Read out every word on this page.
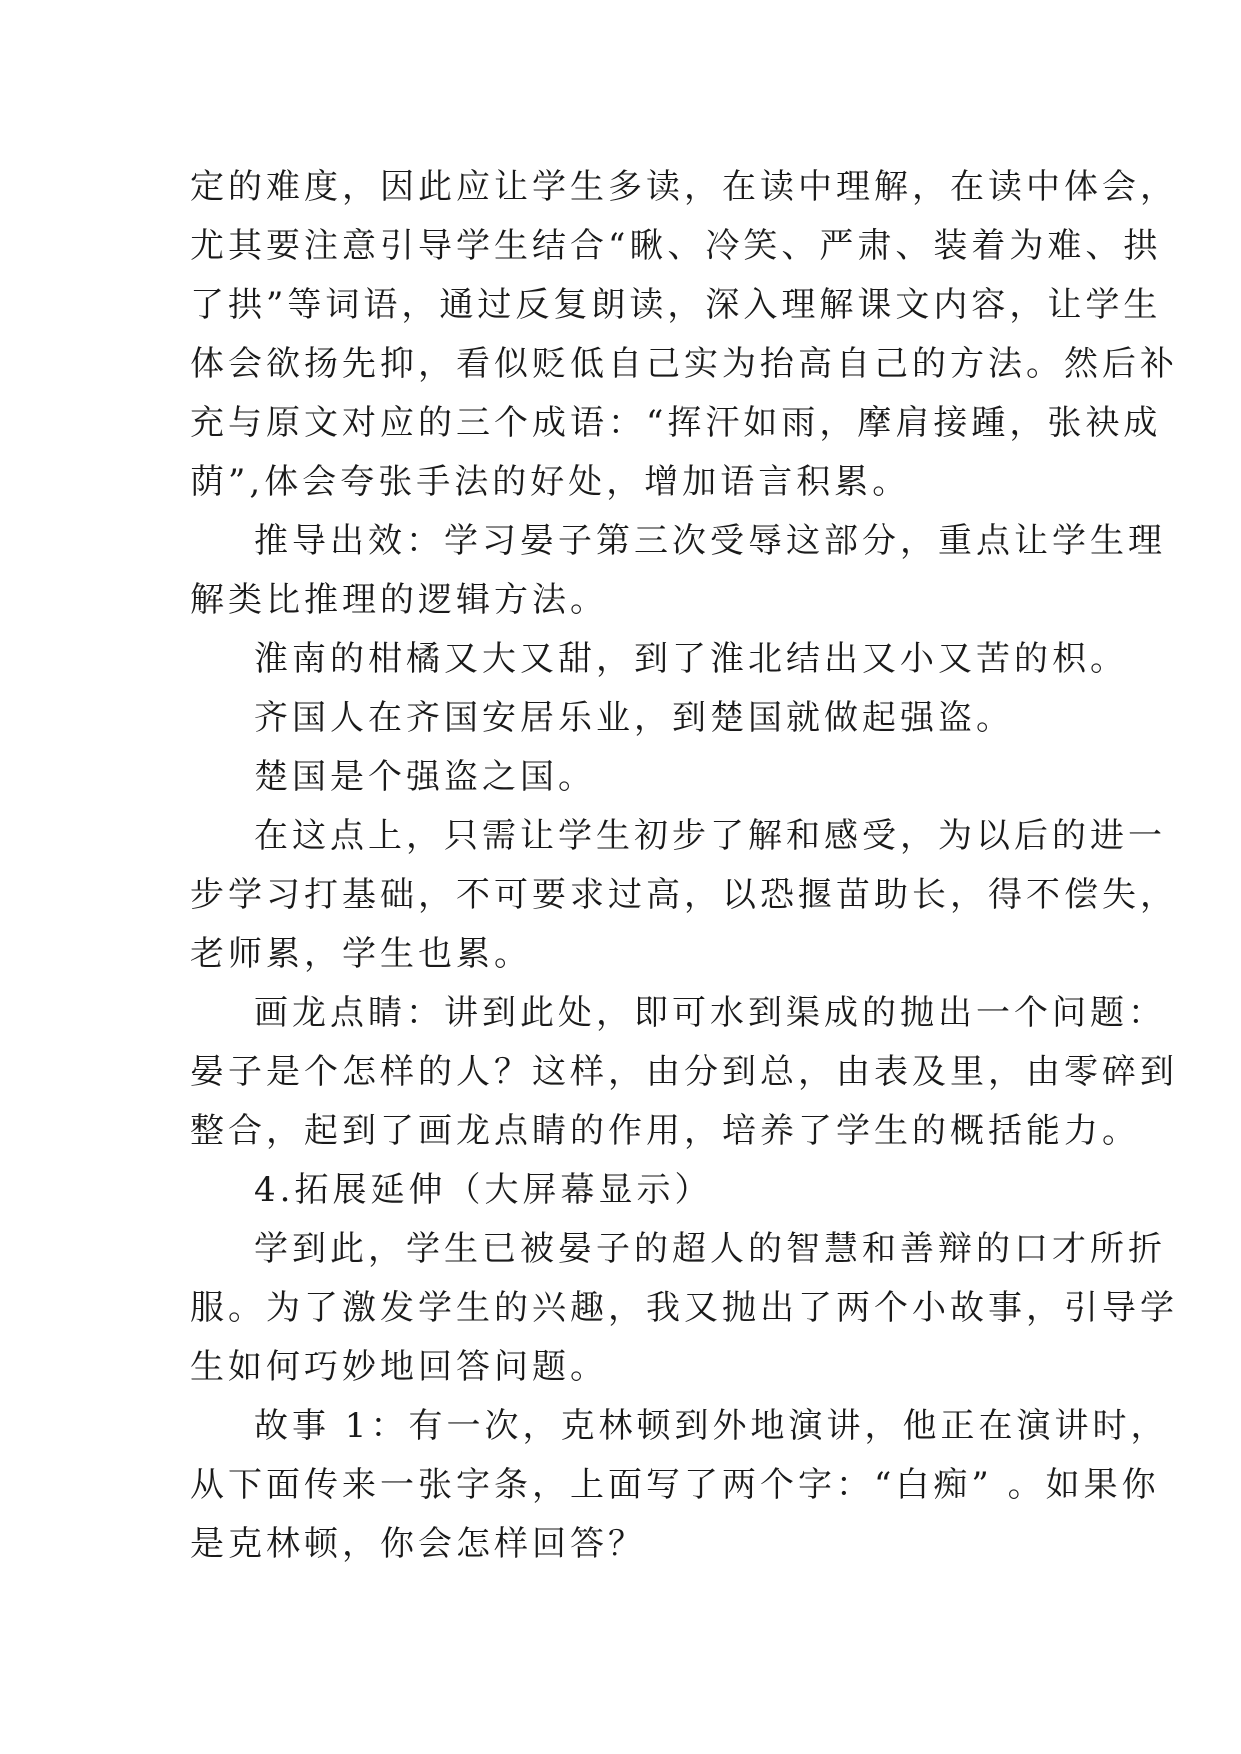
定的难度，因此应让学生多读，在读中理解，在读中体会，
尤其要注意引导学生结合“瞅、冷笑、严肃、装着为难、拱
了拱”等词语，通过反复朗读，深入理解课文内容，让学生
体会欲扬先抑，看似贬低自己实为抬高自己的方法。然后补
充与原文对应的三个成语：“挥汗如雨，摩肩接踵，张袂成
荫”,体会夸张手法的好处，增加语言积累。
推导出效：学习晏子第三次受辱这部分，重点让学生理
解类比推理的逻辑方法。
淮南的柑橘又大又甜，到了淮北结出又小又苦的枳。
齐国人在齐国安居乐业，到楚国就做起强盗。
楚国是个强盗之国。
在这点上，只需让学生初步了解和感受，为以后的进一
步学习打基础，不可要求过高，以恐揠苗助长，得不偿失，
老师累，学生也累。
画龙点睛：讲到此处，即可水到渠成的抛出一个问题：
晏子是个怎样的人？这样，由分到总，由表及里，由零碎到
整合，起到了画龙点睛的作用，培养了学生的概括能力。
4.拓展延伸（大屏幕显示）
学到此，学生已被晏子的超人的智慧和善辩的口才所折
服。为了激发学生的兴趣，我又抛出了两个小故事，引导学
生如何巧妙地回答问题。
故事 1：有一次，克林顿到外地演讲，他正在演讲时，
从下面传来一张字条，上面写了两个字：“白痴” 。如果你
是克林顿，你会怎样回答？
